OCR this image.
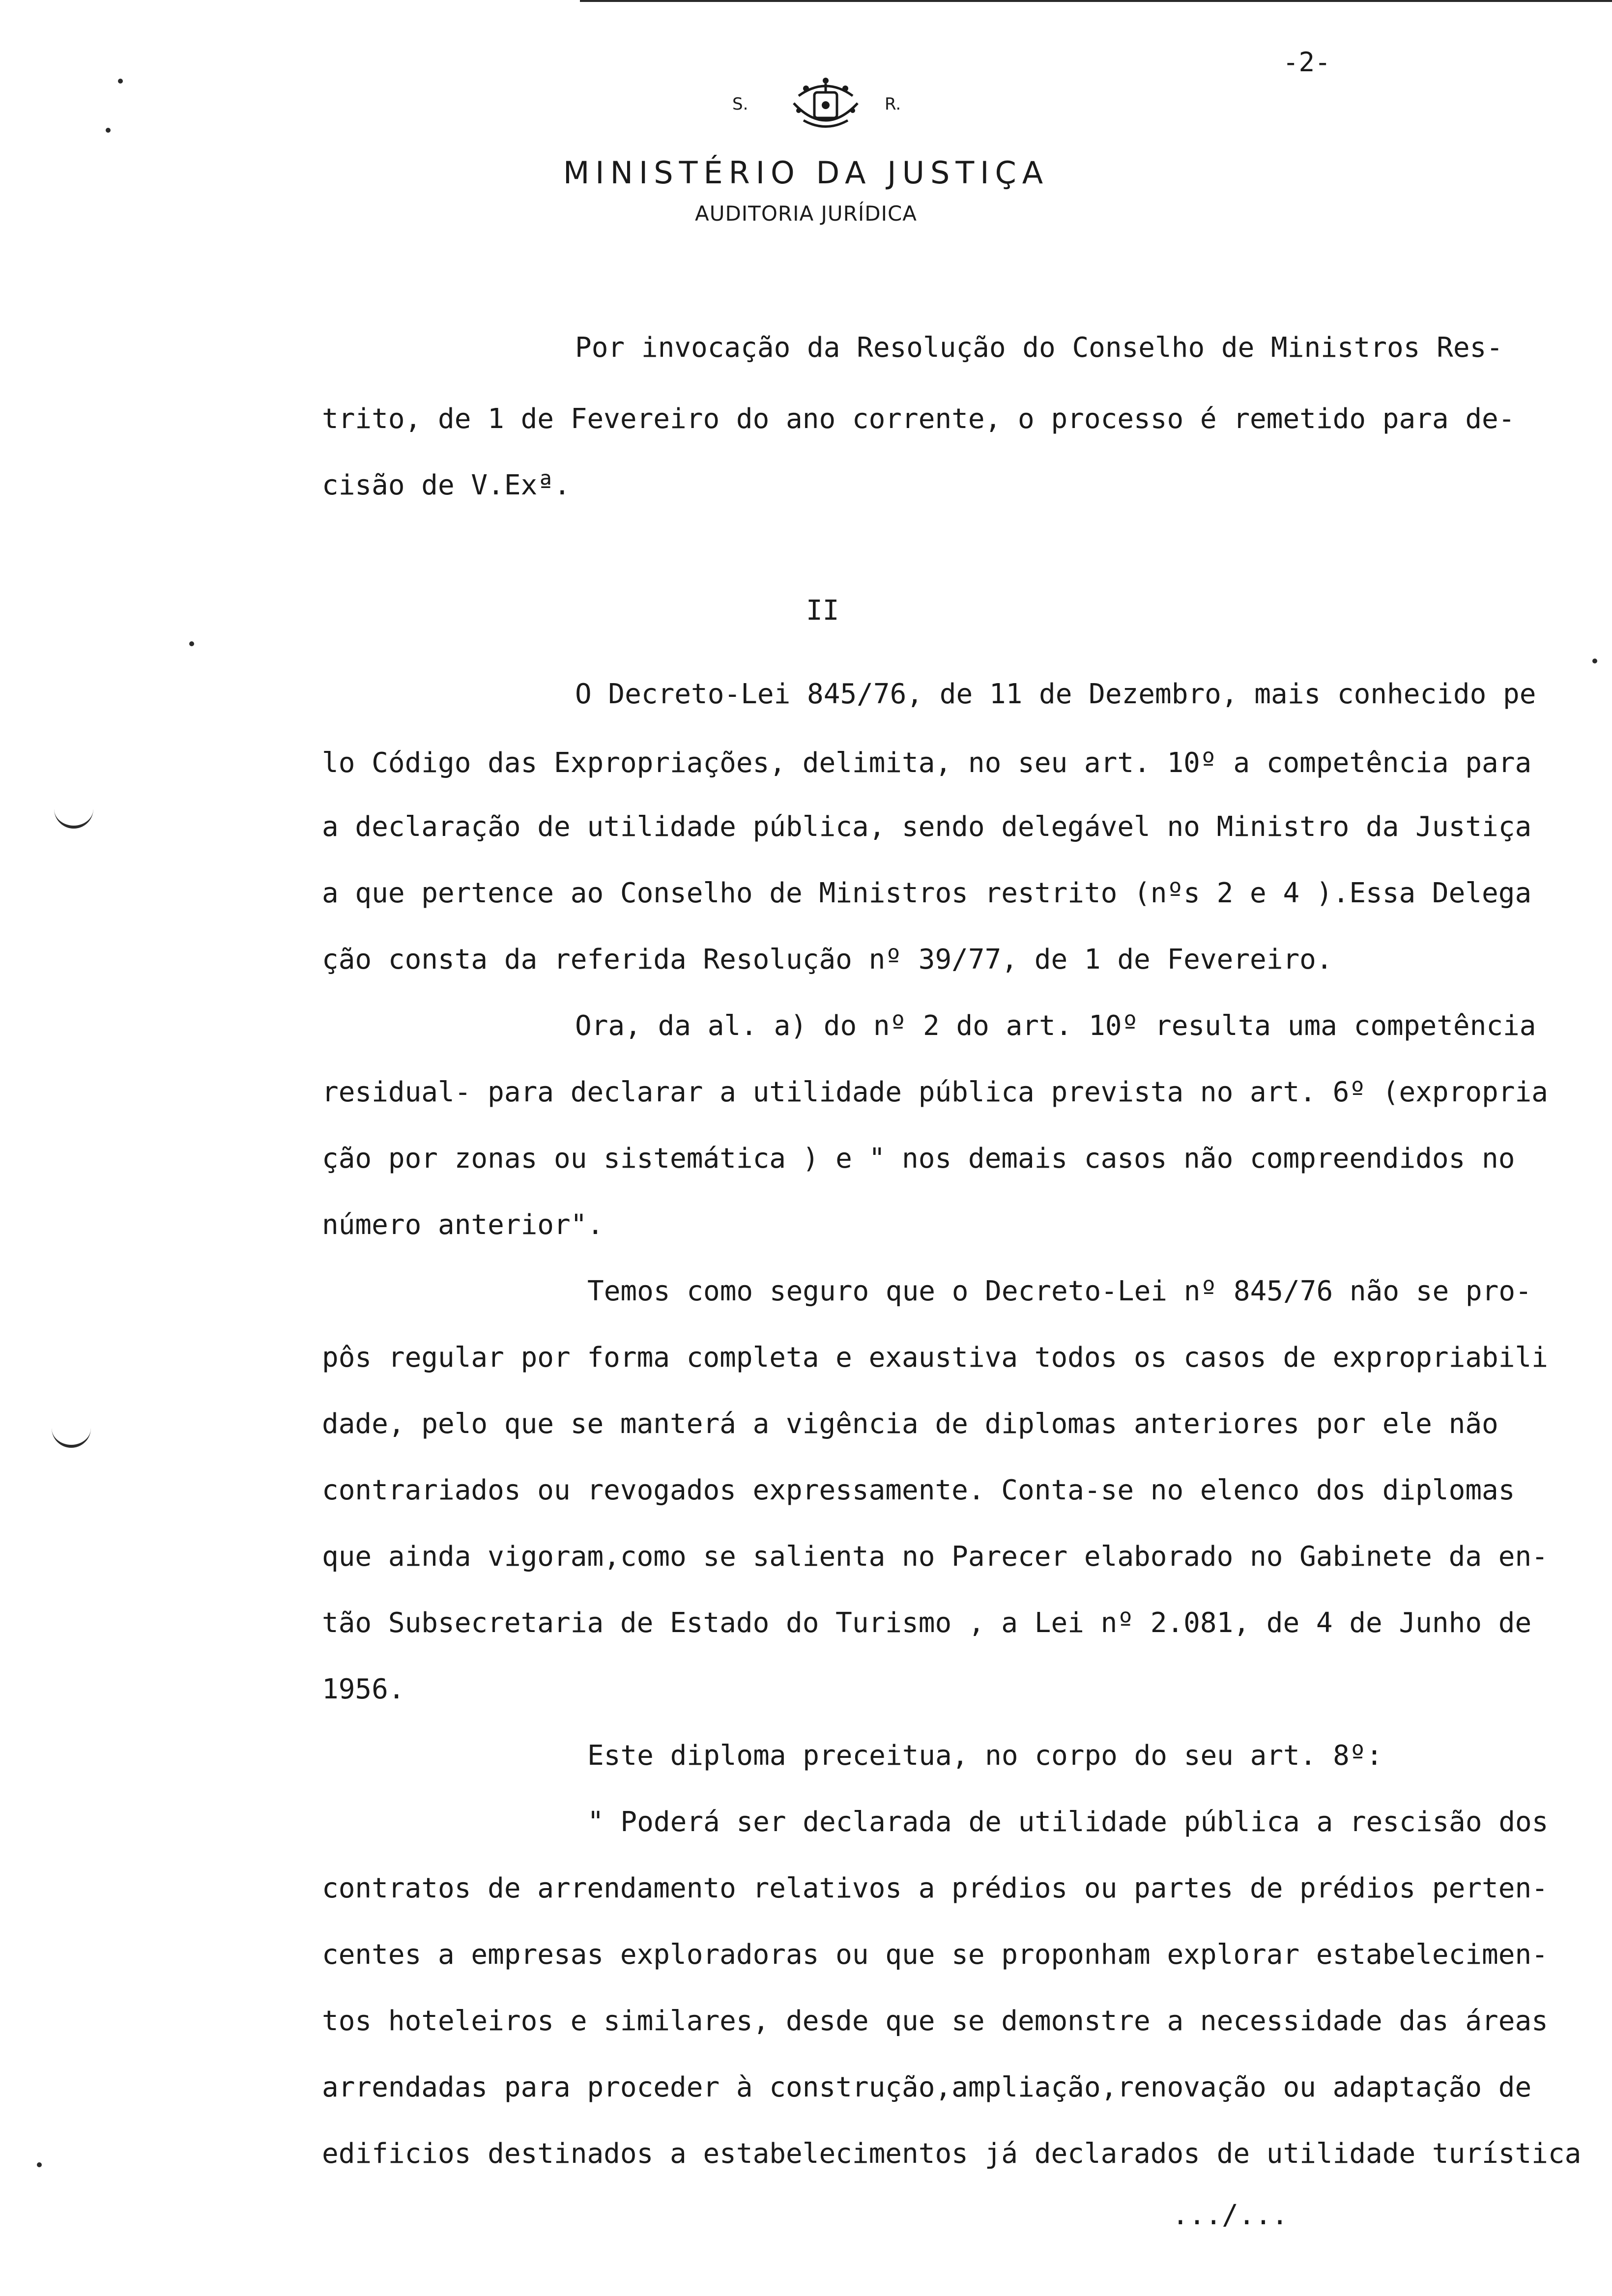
-2-
S.	R.
MINISTÉRIO DA JUSTIÇA
AUDITORIA JURÍDICA
Por invocação da Resolução do Conselho de Ministros Res-
trito, de 1 de Fevereiro do ano corrente, o processo é remetido para de-
cisão de V.Exª.
II
O Decreto-Lei 845/76, de 11 de Dezembro, mais conhecido pe
lo Código das Expropriações, delimita, no seu art. 10º a competência para
a declaração de utilidade pública, sendo delegável no Ministro da Justiça
a que pertence ao Conselho de Ministros restrito (nºs 2 e 4 ).Essa Delega
ção consta da referida Resolução nº 39/77, de 1 de Fevereiro.
Ora, da al. a) do nº 2 do art. 10º resulta uma competência
residual- para declarar a utilidade pública prevista no art. 6º (expropria
ção por zonas ou sistemática ) e " nos demais casos não compreendidos no
número anterior".
Temos como seguro que o Decreto-Lei nº 845/76 não se pro-
pôs regular por forma completa e exaustiva todos os casos de expropriabili
dade, pelo que se manterá a vigência de diplomas anteriores por ele não
contrariados ou revogados expressamente. Conta-se no elenco dos diplomas
que ainda vigoram,como se salienta no Parecer elaborado no Gabinete da en-
tão Subsecretaria de Estado do Turismo , a Lei nº 2.081, de 4 de Junho de
1956.
Este diploma preceitua, no corpo do seu art. 8º:
" Poderá ser declarada de utilidade pública a rescisão dos
contratos de arrendamento relativos a prédios ou partes de prédios perten-
centes a empresas exploradoras ou que se proponham explorar estabelecimen-
tos hoteleiros e similares, desde que se demonstre a necessidade das áreas
arrendadas para proceder à construção,ampliação,renovação ou adaptação de
edificios destinados a estabelecimentos já declarados de utilidade turística
.../...
